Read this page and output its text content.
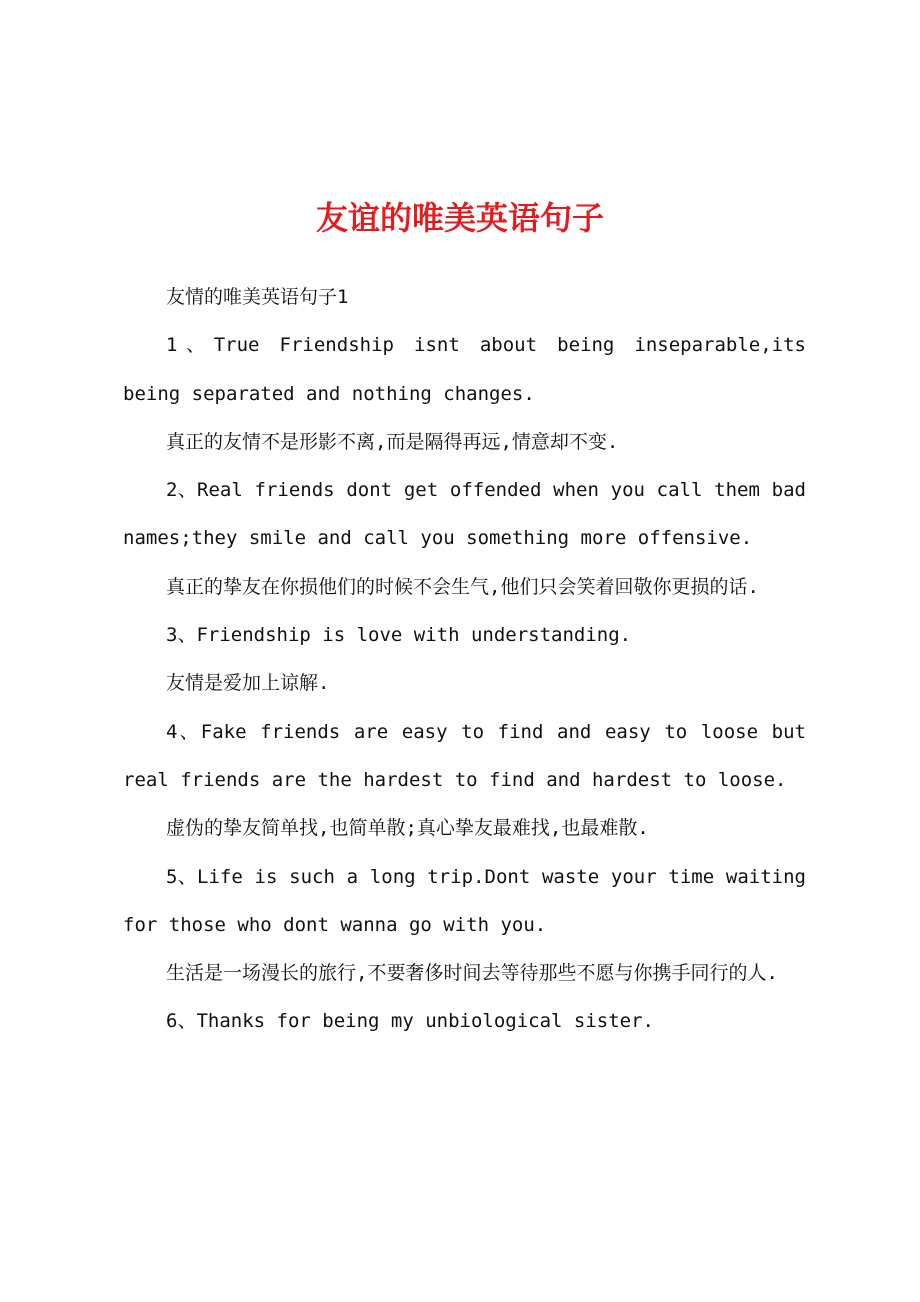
友谊的唯美英语句子

友情的唯美英语句子1

1、True Friendship isnt about being inseparable,its being separated and nothing changes.

真正的友情不是形影不离,而是隔得再远,情意却不变.

2、Real friends dont get offended when you call them bad names;they smile and call you something more offensive.

真正的挚友在你损他们的时候不会生气,他们只会笑着回敬你更损的话.

3、Friendship is love with understanding.

友情是爱加上谅解.

4、Fake friends are easy to find and easy to loose but real friends are the hardest to find and hardest to loose.

虚伪的挚友简单找,也简单散;真心挚友最难找,也最难散.

5、Life is such a long trip.Dont waste your time waiting for those who dont wanna go with you.

生活是一场漫长的旅行,不要奢侈时间去等待那些不愿与你携手同行的人.

6、Thanks for being my unbiological sister.
